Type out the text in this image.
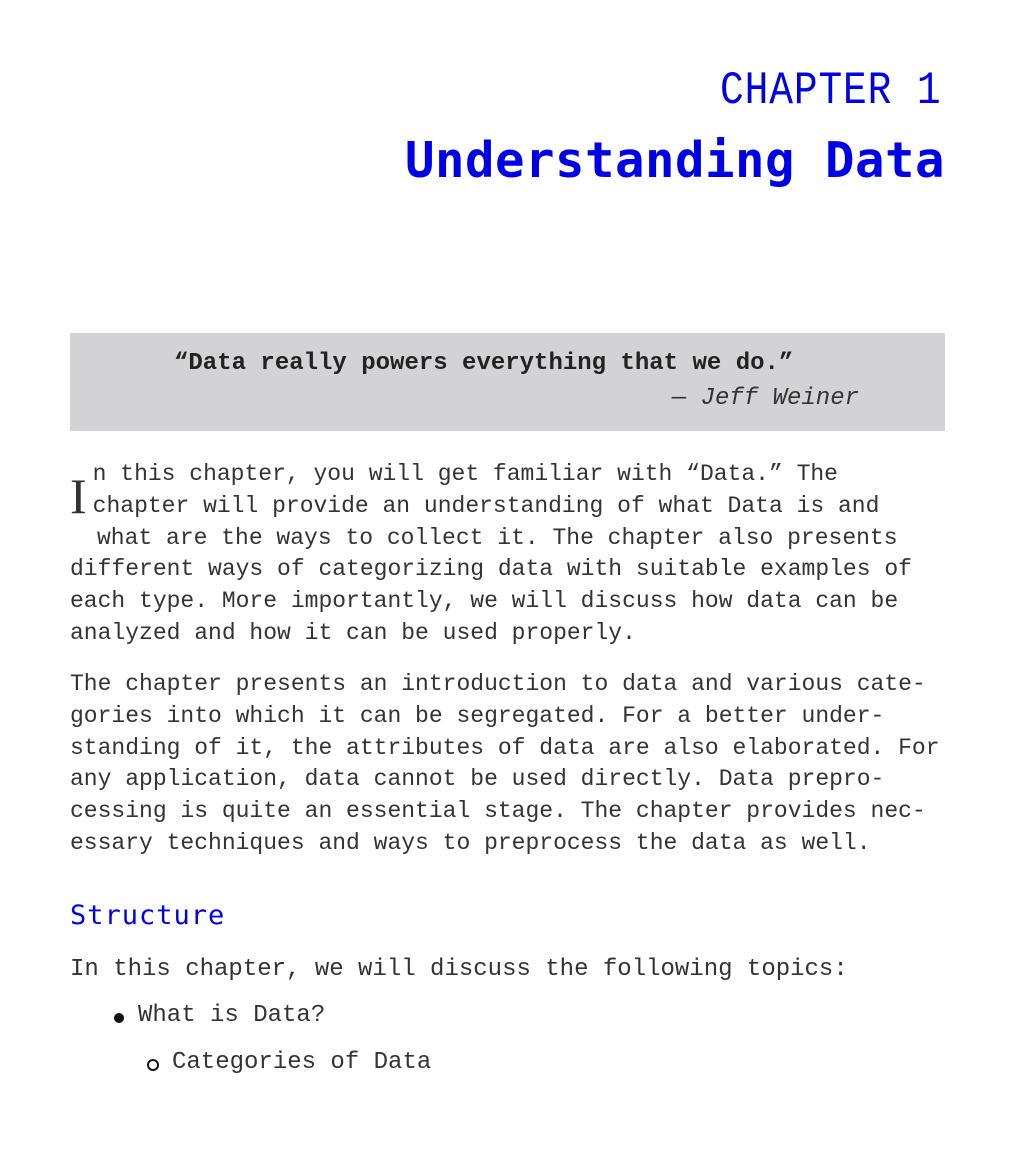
CHAPTER 1
Understanding Data

“Data really powers everything that we do.”

— Jeff Weiner

I n this chapter, you will get familiar with “Data.” The
chapter will provide an understanding of what Data is and
what are the ways to collect it. The chapter also presents
different ways of categorizing data with suitable examples of
each type. More importantly, we will discuss how data can be
analyzed and how it can be used properly.
The chapter presents an introduction to data and various cate-
gories into which it can be segregated. For a better under-
standing of it, the attributes of data are also elaborated. For
any application, data cannot be used directly. Data prepro-
cessing is quite an essential stage. The chapter provides nec-
essary techniques and ways to preprocess the data as well.
Structure

In this chapter, we will discuss the following topics:

What is Data?
Categories of Data
